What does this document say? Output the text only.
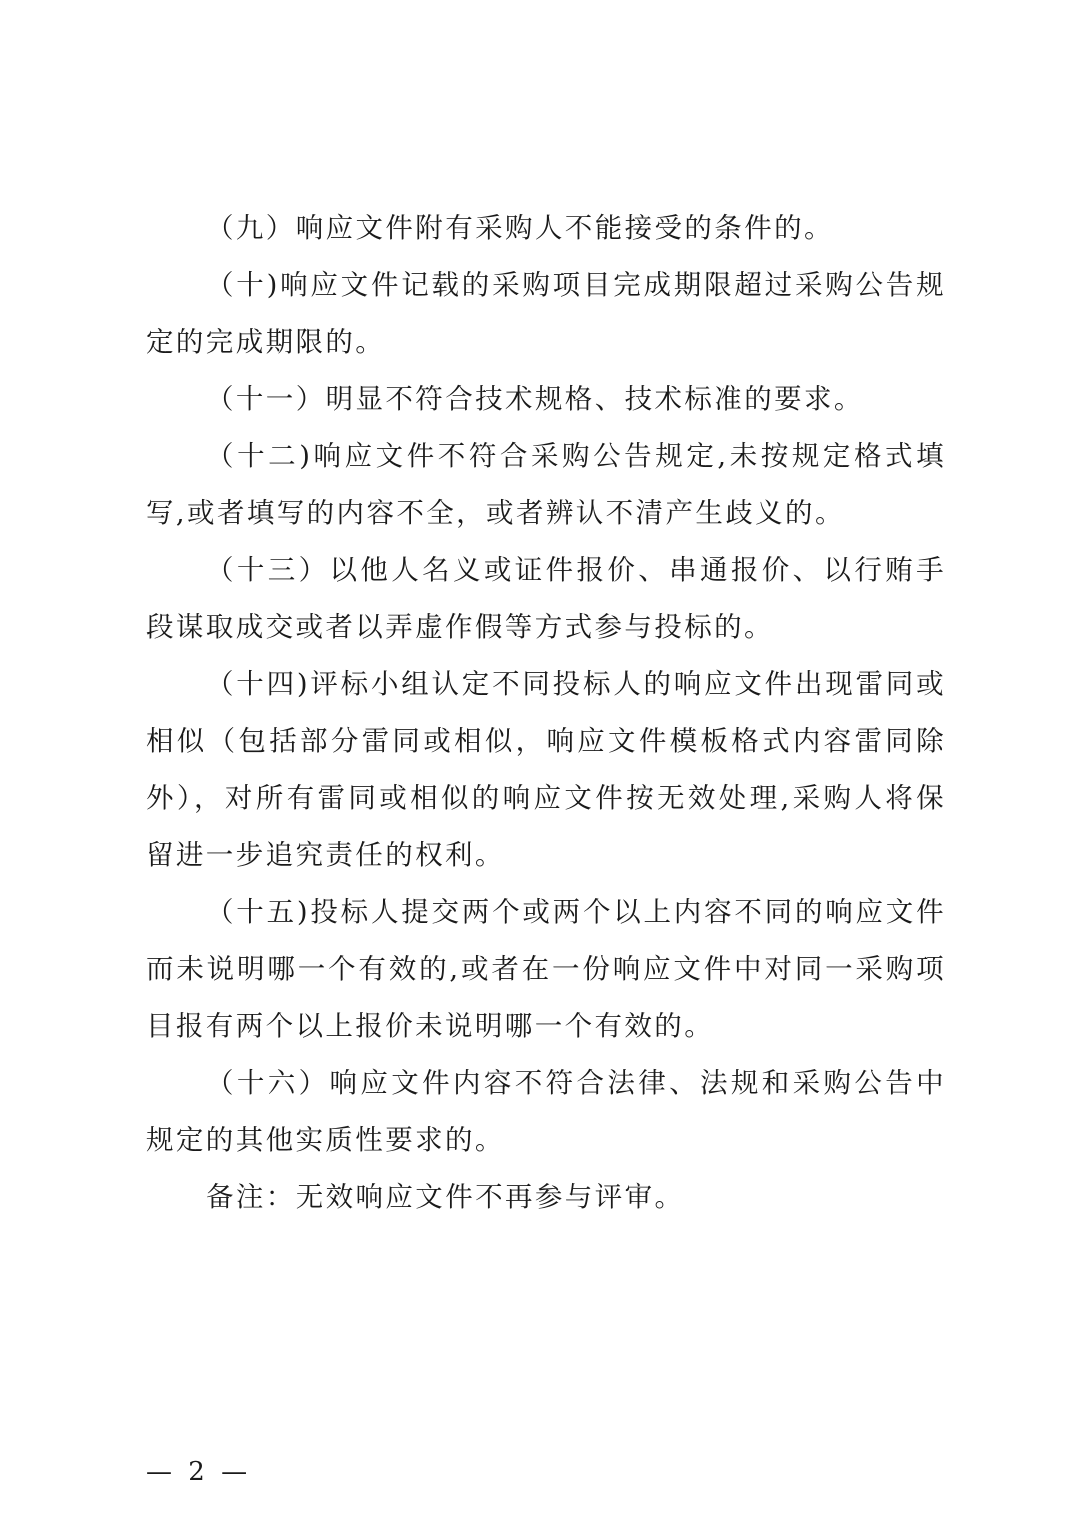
（九）响应文件附有采购人不能接受的条件的。

（十)响应文件记载的采购项目完成期限超过采购公告规定的完成期限的。

（十一）明显不符合技术规格、技术标准的要求。

（十二)响应文件不符合采购公告规定,未按规定格式填写,或者填写的内容不全，或者辨认不清产生歧义的。

（十三）以他人名义或证件报价、串通报价、以行贿手段谋取成交或者以弄虚作假等方式参与投标的。

（十四)评标小组认定不同投标人的响应文件出现雷同或相似（包括部分雷同或相似，响应文件模板格式内容雷同除外），对所有雷同或相似的响应文件按无效处理,采购人将保留进一步追究责任的权利。

（十五)投标人提交两个或两个以上内容不同的响应文件而未说明哪一个有效的,或者在一份响应文件中对同一采购项目报有两个以上报价未说明哪一个有效的。

（十六）响应文件内容不符合法律、法规和采购公告中规定的其他实质性要求的。

备注：无效响应文件不再参与评审。

— 2 —
